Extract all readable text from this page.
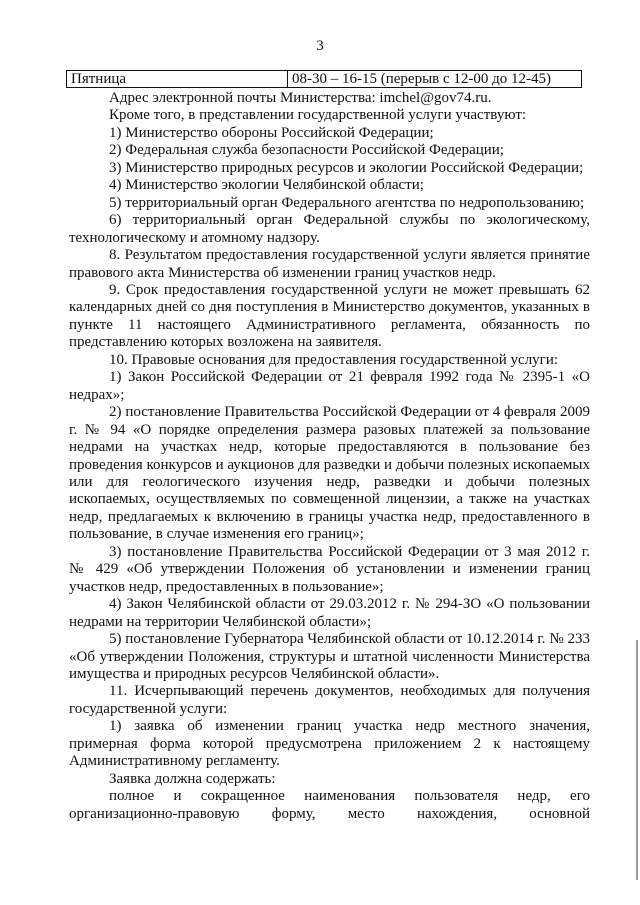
3
Пятница	08-30 – 16-15 (перерыв с 12-00 до 12-45)

Адрес электронной почты Министерства: imchel@gov74.ru.

Кроме того, в представлении государственной услуги участвуют:

1) Министерство обороны Российской Федерации;

2) Федеральная служба безопасности Российской Федерации;

3) Министерство природных ресурсов и экологии Российской Федерации;

4) Министерство экологии Челябинской области;

5) территориальный орган Федерального агентства по недропользованию;

6) территориальный орган Федеральной службы по экологическому, технологическому и атомному надзору.

8. Результатом предоставления государственной услуги является принятие правового акта Министерства об изменении границ участков недр.

9. Срок предоставления государственной услуги не может превышать 62 календарных дней со дня поступления в Министерство документов, указанных в пункте 11 настоящего Административного регламента, обязанность по представлению которых возложена на заявителя.

10. Правовые основания для предоставления государственной услуги:

1) Закон Российской Федерации от 21 февраля 1992 года № 2395-1 «О недрах»;

2) постановление Правительства Российской Федерации от 4 февраля 2009 г. № 94 «О порядке определения размера разовых платежей за пользование недрами на участках недр, которые предоставляются в пользование без проведения конкурсов и аукционов для разведки и добычи полезных ископаемых или для геологического изучения недр, разведки и добычи полезных ископаемых, осуществляемых по совмещенной лицензии, а также на участках недр, предлагаемых к включению в границы участка недр, предоставленного в пользование, в случае изменения его границ»;

3) постановление Правительства Российской Федерации от 3 мая 2012 г. № 429 «Об утверждении Положения об установлении и изменении границ участков недр, предоставленных в пользование»;

4) Закон Челябинской области от 29.03.2012 г. № 294-ЗО «О пользовании недрами на территории Челябинской области»;

5) постановление Губернатора Челябинской области от 10.12.2014 г. № 233 «Об утверждении Положения, структуры и штатной численности Министерства имущества и природных ресурсов Челябинской области».

11. Исчерпывающий перечень документов, необходимых для получения государственной услуги:

1) заявка об изменении границ участка недр местного значения, примерная форма которой предусмотрена приложением 2 к настоящему Административному регламенту.

Заявка должна содержать:

полное и сокращенное наименования пользователя недр, его организационно-правовую форму, место нахождения, основной
